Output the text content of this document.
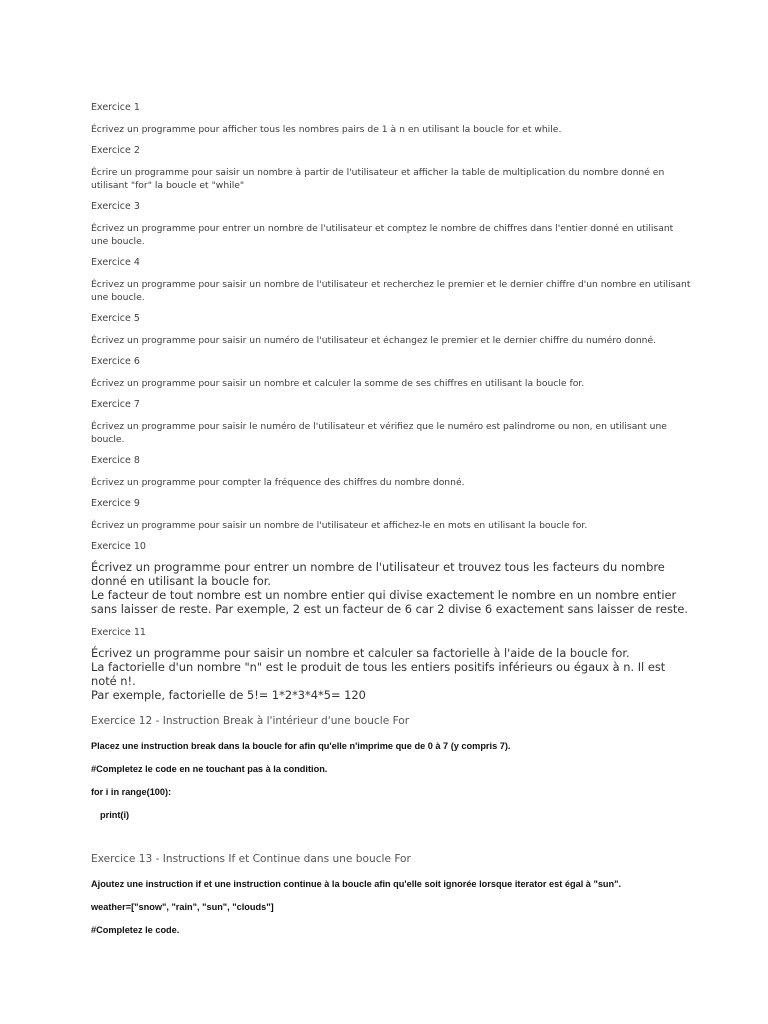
Exercice 1

Écrivez un programme pour afficher tous les nombres pairs de 1 à n en utilisant la boucle for et while.

Exercice 2

Écrire un programme pour saisir un nombre à partir de l'utilisateur et afficher la table de multiplication du nombre donné en utilisant "for" la boucle et "while"

Exercice 3

Écrivez un programme pour entrer un nombre de l'utilisateur et comptez le nombre de chiffres dans l'entier donné en utilisant une boucle.

Exercice 4

Écrivez un programme pour saisir un nombre de l'utilisateur et recherchez le premier et le dernier chiffre d'un nombre en utilisant une boucle.

Exercice 5

Écrivez un programme pour saisir un numéro de l'utilisateur et échangez le premier et le dernier chiffre du numéro donné.

Exercice 6

Écrivez un programme pour saisir un nombre et calculer la somme de ses chiffres en utilisant la boucle for.

Exercice 7

Écrivez un programme pour saisir le numéro de l'utilisateur et vérifiez que le numéro est palindrome ou non, en utilisant une boucle.

Exercice 8

Écrivez un programme pour compter la fréquence des chiffres du nombre donné.

Exercice 9

Écrivez un programme pour saisir un nombre de l'utilisateur et affichez-le en mots en utilisant la boucle for.

Exercice 10

Écrivez un programme pour entrer un nombre de l'utilisateur et trouvez tous les facteurs du nombre donné en utilisant la boucle for.

Le facteur de tout nombre est un nombre entier qui divise exactement le nombre en un nombre entier sans laisser de reste. Par exemple, 2 est un facteur de 6 car 2 divise 6 exactement sans laisser de reste.

Exercice 11

Écrivez un programme pour saisir un nombre et calculer sa factorielle à l'aide de la boucle for.

La factorielle d'un nombre "n" est le produit de tous les entiers positifs inférieurs ou égaux à n. Il est noté n!.

Par exemple, factorielle de 5!= 1*2*3*4*5= 120

Exercice 12 - Instruction Break à l'intérieur d'une boucle For

Placez une instruction break dans la boucle for afin qu'elle n'imprime que de 0 à 7 (y compris 7).

#Completez le code en ne touchant pas à la condition.

for i in range(100):

print(i)

Exercice 13 - Instructions If et Continue dans une boucle For

Ajoutez une instruction if et une instruction continue à la boucle afin qu'elle soit ignorée lorsque iterator est égal à "sun".

weather=["snow", "rain", "sun", "clouds"]

#Completez le code.
